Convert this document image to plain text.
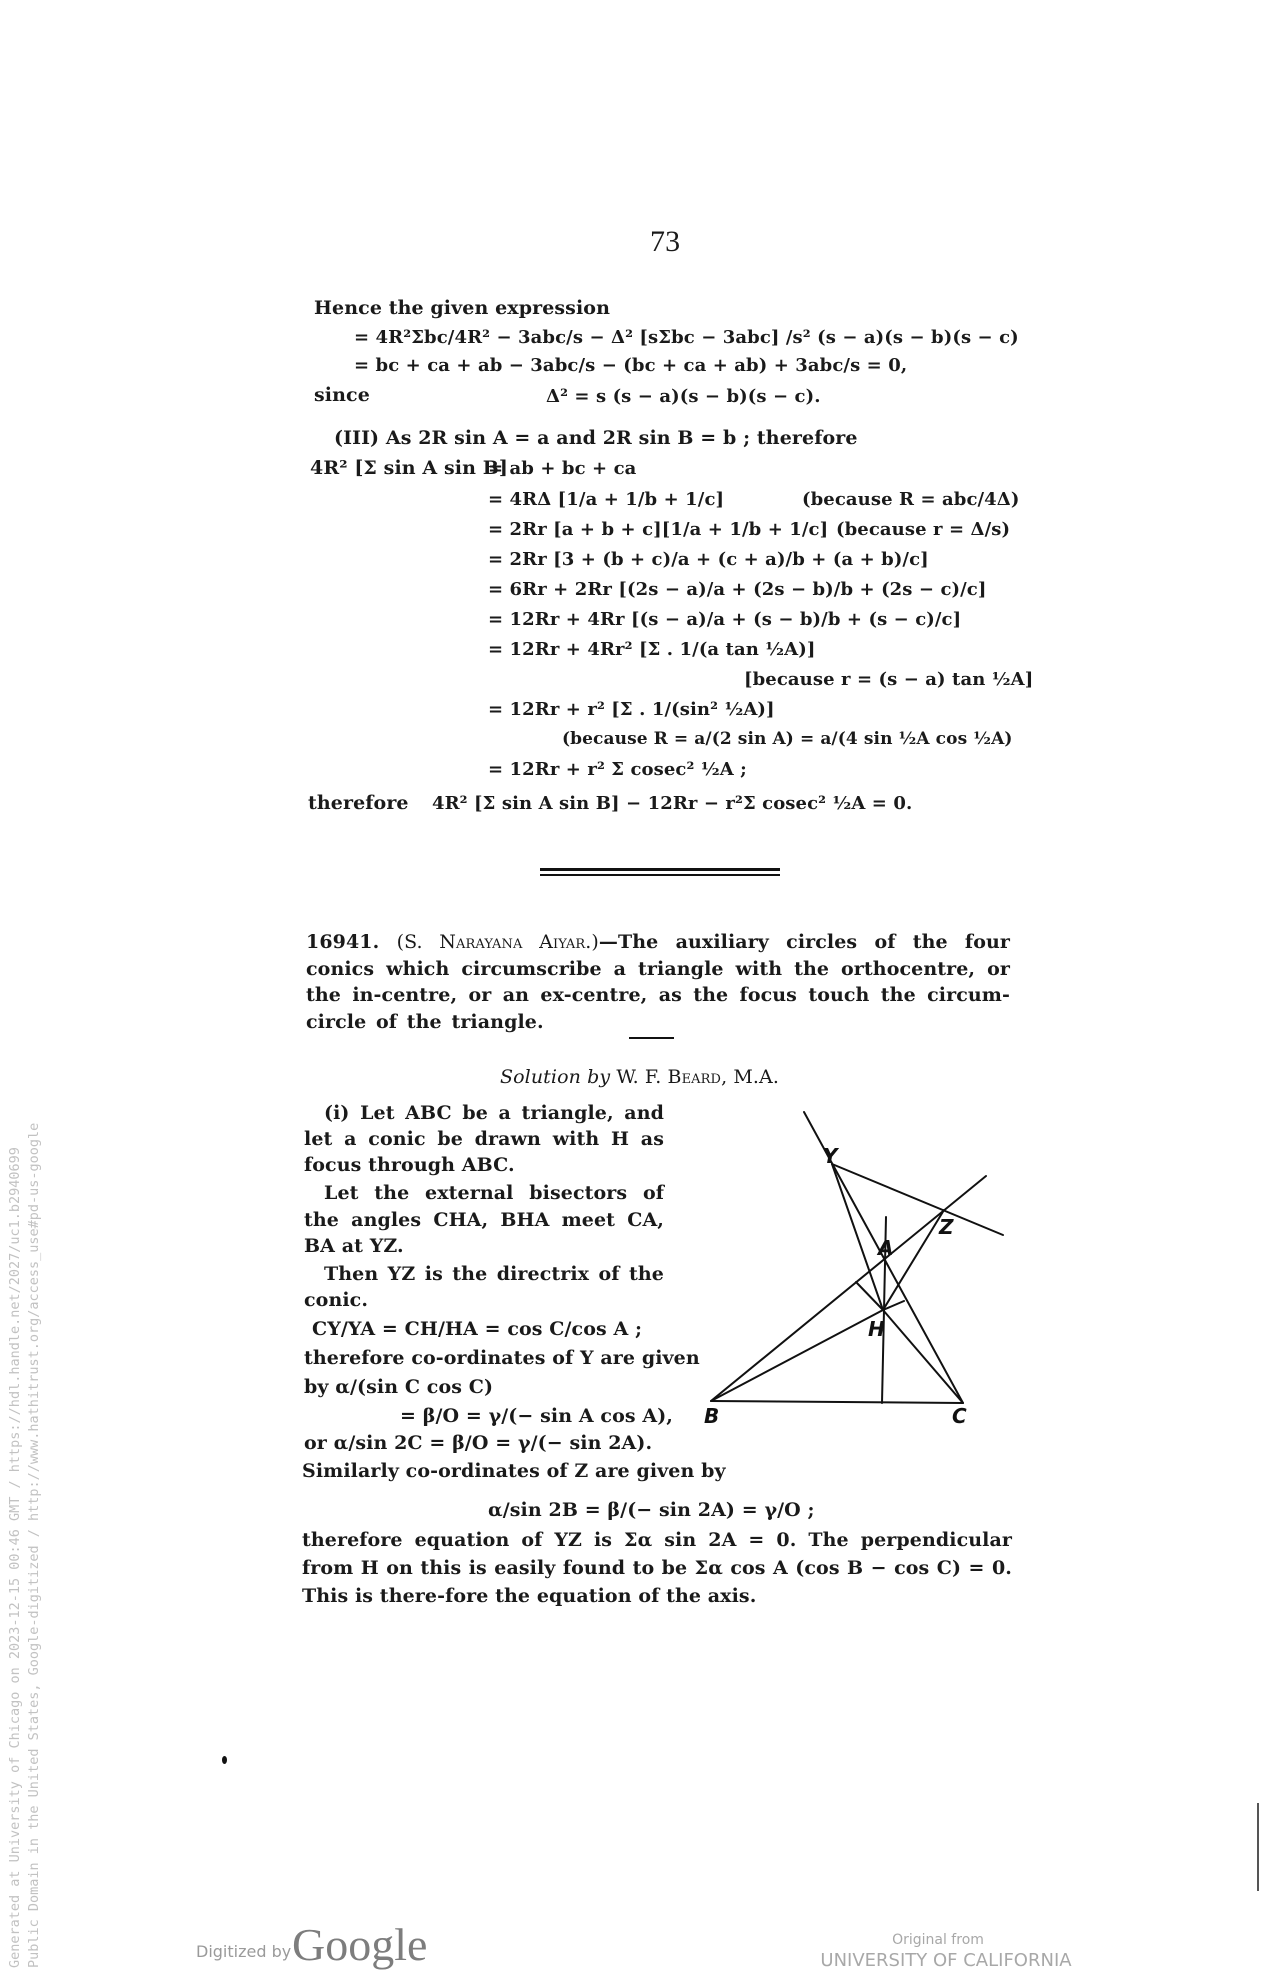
Generated at University of Chicago on 2023-12-15 00:46 GMT / https://hdl.handle.net/2027/uc1.b2940699 Public Domain in the United States, Google-digitized / http://www.hathitrust.org/access_use#pd-us-google
73
Hence the given expression
= 4R²Σbc/4R² − 3abc/s − Δ² [sΣbc − 3abc] /s² (s − a)(s − b)(s − c)
= bc + ca + ab − 3abc/s − (bc + ca + ab) + 3abc/s = 0,
since	Δ² = s (s − a)(s − b)(s − c).
(III) As 2R sin A = a and 2R sin B = b ; therefore
4R² [Σ sin A sin B]
= ab + bc + ca
= 4RΔ [1/a + 1/b + 1/c]	(because R = abc/4Δ)
= 2Rr [a + b + c][1/a + 1/b + 1/c] (because r = Δ/s)
= 2Rr [3 + (b + c)/a + (c + a)/b + (a + b)/c]
= 6Rr + 2Rr [(2s − a)/a + (2s − b)/b + (2s − c)/c]
= 12Rr + 4Rr [(s − a)/a + (s − b)/b + (s − c)/c]
= 12Rr + 4Rr² [Σ . 1/(a tan ½A)]
[because r = (s − a) tan ½A]
= 12Rr + r² [Σ . 1/(sin² ½A)]
(because R = a/(2 sin A) = a/(4 sin ½A cos ½A)
= 12Rr + r² Σ cosec² ½A ;
therefore 4R² [Σ sin A sin B] − 12Rr − r²Σ cosec² ½A = 0.
16941. (S. Narayana Aiyar.)—The auxiliary circles of the four conics which circumscribe a triangle with the orthocentre, or the in-centre, or an ex-centre, as the focus touch the circum-circle of the triangle.
Solution by W. F. Beard, M.A.
(i) Let ABC be a triangle, and let a conic be drawn with H as focus through ABC.
Let the external bisectors of the angles CHA, BHA meet CA, BA at YZ.
Then YZ is the directrix of the conic.
CY/YA = CH/HA = cos C/cos A ;
therefore co-ordinates of Y are given
by α/(sin C cos C)
= β/O = γ/(− sin A cos A),
or α/sin 2C = β/O = γ/(− sin 2A).
Similarly co-ordinates of Z are given by
α/sin 2B = β/(− sin 2A) = γ/O ;
therefore equation of YZ is Σα sin 2A = 0. The perpendicular from H on this is easily found to be Σα cos A (cos B − cos C) = 0. This is there-fore the equation of the axis.
Y
Z
A
H
B	C
Digitized by Google	Original from
UNIVERSITY OF CALIFORNIA
